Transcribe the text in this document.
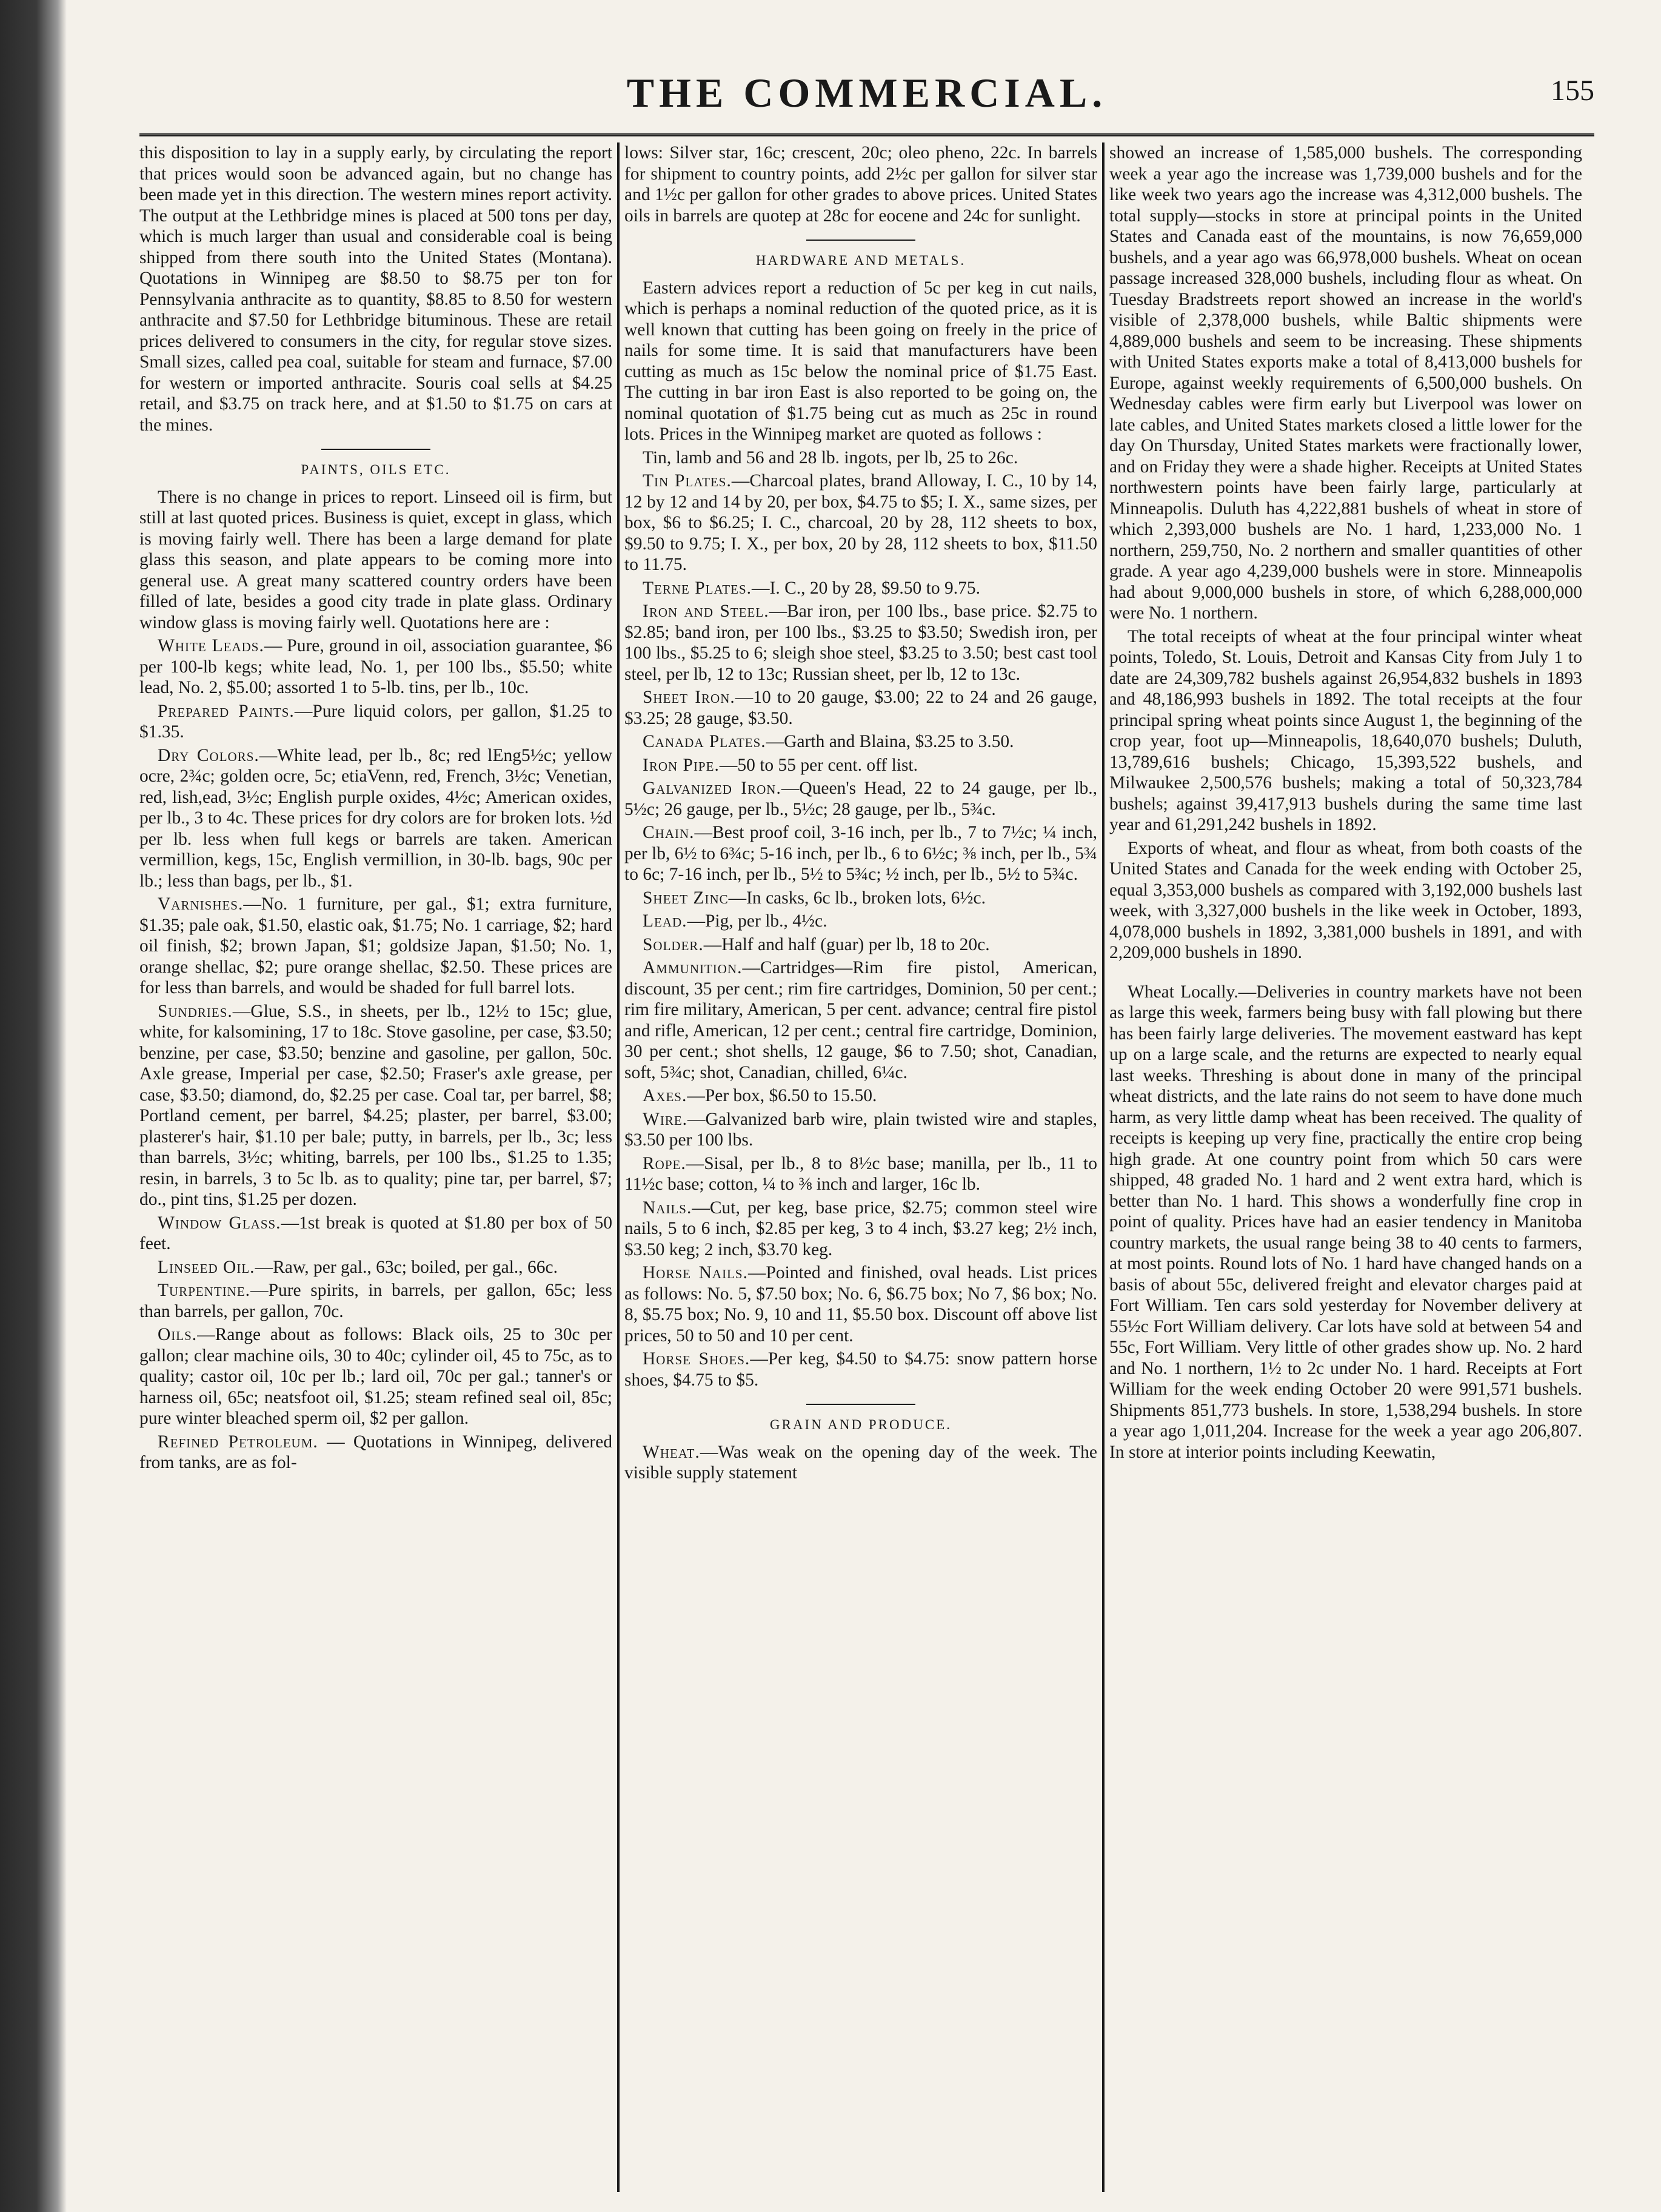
THE COMMERCIAL.	155

this disposition to lay in a supply early, by circulating the report that prices would soon be advanced again, but no change has been made yet in this direction. The western mines report activity. The output at the Lethbridge mines is placed at 500 tons per day, which is much larger than usual and considerable coal is being shipped from there south into the United States (Montana). Quotations in Winnipeg are $8.50 to $8.75 per ton for Pennsylvania anthracite as to quantity, $8.85 to 8.50 for western anthracite and $7.50 for Lethbridge bituminous. These are retail prices delivered to consumers in the city, for regular stove sizes. Small sizes, called pea coal, suitable for steam and furnace, $7.00 for western or imported anthracite. Souris coal sells at $4.25 retail, and $3.75 on track here, and at $1.50 to $1.75 on cars at the mines.

PAINTS, OILS ETC.

There is no change in prices to report. Linseed oil is firm, but still at last quoted prices. Business is quiet, except in glass, which is moving fairly well. There has been a large demand for plate glass this season, and plate appears to be coming more into general use. A great many scattered country orders have been filled of late, besides a good city trade in plate glass. Ordinary window glass is moving fairly well. Quotations here are :

White Leads.— Pure, ground in oil, association guarantee, $6 per 100-lb kegs; white lead, No. 1, per 100 lbs., $5.50; white lead, No. 2, $5.00; assorted 1 to 5-lb. tins, per lb., 10c.

Prepared Paints.—Pure liquid colors, per gallon, $1.25 to $1.35.

Dry Colors.—White lead, per lb., 8c; red lEng5½c; yellow ocre, 2¾c; golden ocre, 5c; etiaVenn, red, French, 3½c; Venetian, red, lish,ead, 3½c; English purple oxides, 4½c; American oxides, per lb., 3 to 4c. These prices for dry colors are for broken lots. ½d per lb. less when full kegs or barrels are taken. American vermillion, kegs, 15c, English vermillion, in 30-lb. bags, 90c per lb.; less than bags, per lb., $1.

Varnishes.—No. 1 furniture, per gal., $1; extra furniture, $1.35; pale oak, $1.50, elastic oak, $1.75; No. 1 carriage, $2; hard oil finish, $2; brown Japan, $1; goldsize Japan, $1.50; No. 1, orange shellac, $2; pure orange shellac, $2.50. These prices are for less than barrels, and would be shaded for full barrel lots.

Sundries.—Glue, S.S., in sheets, per lb., 12½ to 15c; glue, white, for kalsomining, 17 to 18c. Stove gasoline, per case, $3.50; benzine, per case, $3.50; benzine and gasoline, per gallon, 50c. Axle grease, Imperial per case, $2.50; Fraser's axle grease, per case, $3.50; diamond, do, $2.25 per case. Coal tar, per barrel, $8; Portland cement, per barrel, $4.25; plaster, per barrel, $3.00; plasterer's hair, $1.10 per bale; putty, in barrels, per lb., 3c; less than barrels, 3½c; whiting, barrels, per 100 lbs., $1.25 to 1.35; resin, in barrels, 3 to 5c lb. as to quality; pine tar, per barrel, $7; do., pint tins, $1.25 per dozen.

Window Glass.—1st break is quoted at $1.80 per box of 50 feet.

Linseed Oil.—Raw, per gal., 63c; boiled, per gal., 66c.

Turpentine.—Pure spirits, in barrels, per gallon, 65c; less than barrels, per gallon, 70c.

Oils.—Range about as follows: Black oils, 25 to 30c per gallon; clear machine oils, 30 to 40c; cylinder oil, 45 to 75c, as to quality; castor oil, 10c per lb.; lard oil, 70c per gal.; tanner's or harness oil, 65c; neatsfoot oil, $1.25; steam refined seal oil, 85c; pure winter bleached sperm oil, $2 per gallon.

Refined Petroleum. — Quotations in Winnipeg, delivered from tanks, are as fol-

lows: Silver star, 16c; crescent, 20c; oleo pheno, 22c. In barrels for shipment to country points, add 2½c per gallon for silver star and 1½c per gallon for other grades to above prices. United States oils in barrels are quotep at 28c for eocene and 24c for sunlight.

HARDWARE AND METALS.

Eastern advices report a reduction of 5c per keg in cut nails, which is perhaps a nominal reduction of the quoted price, as it is well known that cutting has been going on freely in the price of nails for some time. It is said that manufacturers have been cutting as much as 15c below the nominal price of $1.75 East. The cutting in bar iron East is also reported to be going on, the nominal quotation of $1.75 being cut as much as 25c in round lots. Prices in the Winnipeg market are quoted as follows :

Tin, lamb and 56 and 28 lb. ingots, per lb, 25 to 26c.

Tin Plates.—Charcoal plates, brand Alloway, I. C., 10 by 14, 12 by 12 and 14 by 20, per box, $4.75 to $5; I. X., same sizes, per box, $6 to $6.25; I. C., charcoal, 20 by 28, 112 sheets to box, $9.50 to 9.75; I. X., per box, 20 by 28, 112 sheets to box, $11.50 to 11.75.

Terne Plates.—I. C., 20 by 28, $9.50 to 9.75.

Iron and Steel.—Bar iron, per 100 lbs., base price. $2.75 to $2.85; band iron, per 100 lbs., $3.25 to $3.50; Swedish iron, per 100 lbs., $5.25 to 6; sleigh shoe steel, $3.25 to 3.50; best cast tool steel, per lb, 12 to 13c; Russian sheet, per lb, 12 to 13c.

Sheet Iron.—10 to 20 gauge, $3.00; 22 to 24 and 26 gauge, $3.25; 28 gauge, $3.50.

Canada Plates.—Garth and Blaina, $3.25 to 3.50.

Iron Pipe.—50 to 55 per cent. off list.

Galvanized Iron.—Queen's Head, 22 to 24 gauge, per lb., 5½c; 26 gauge, per lb., 5½c; 28 gauge, per lb., 5¾c.

Chain.—Best proof coil, 3-16 inch, per lb., 7 to 7½c; ¼ inch, per lb, 6½ to 6¾c; 5-16 inch, per lb., 6 to 6½c; ⅜ inch, per lb., 5¾ to 6c; 7-16 inch, per lb., 5½ to 5¾c; ½ inch, per lb., 5½ to 5¾c.

Sheet Zinc—In casks, 6c lb., broken lots, 6½c.

Lead.—Pig, per lb., 4½c.

Solder.—Half and half (guar) per lb, 18 to 20c.

Ammunition.—Cartridges—Rim fire pistol, American, discount, 35 per cent.; rim fire cartridges, Dominion, 50 per cent.; rim fire military, American, 5 per cent. advance; central fire pistol and rifle, American, 12 per cent.; central fire cartridge, Dominion, 30 per cent.; shot shells, 12 gauge, $6 to 7.50; shot, Canadian, soft, 5¾c; shot, Canadian, chilled, 6¼c.

Axes.—Per box, $6.50 to 15.50.

Wire.—Galvanized barb wire, plain twisted wire and staples, $3.50 per 100 lbs.

Rope.—Sisal, per lb., 8 to 8½c base; manilla, per lb., 11 to 11½c base; cotton, ¼ to ⅜ inch and larger, 16c lb.

Nails.—Cut, per keg, base price, $2.75; common steel wire nails, 5 to 6 inch, $2.85 per keg, 3 to 4 inch, $3.27 keg; 2½ inch, $3.50 keg; 2 inch, $3.70 keg.

Horse Nails.—Pointed and finished, oval heads. List prices as follows: No. 5, $7.50 box; No. 6, $6.75 box; No 7, $6 box; No. 8, $5.75 box; No. 9, 10 and 11, $5.50 box. Discount off above list prices, 50 to 50 and 10 per cent.

Horse Shoes.—Per keg, $4.50 to $4.75: snow pattern horse shoes, $4.75 to $5.

GRAIN AND PRODUCE.

Wheat.—Was weak on the opening day of the week. The visible supply statement

showed an increase of 1,585,000 bushels. The corresponding week a year ago the increase was 1,739,000 bushels and for the like week two years ago the increase was 4,312,000 bushels. The total supply—stocks in store at principal points in the United States and Canada east of the mountains, is now 76,659,000 bushels, and a year ago was 66,978,000 bushels. Wheat on ocean passage increased 328,000 bushels, including flour as wheat. On Tuesday Bradstreets report showed an increase in the world's visible of 2,378,000 bushels, while Baltic shipments were 4,889,000 bushels and seem to be increasing. These shipments with United States exports make a total of 8,413,000 bushels for Europe, against weekly requirements of 6,500,000 bushels. On Wednesday cables were firm early but Liverpool was lower on late cables, and United States markets closed a little lower for the day On Thursday, United States markets were fractionally lower, and on Friday they were a shade higher. Receipts at United States northwestern points have been fairly large, particularly at Minneapolis. Duluth has 4,222,881 bushels of wheat in store of which 2,393,000 bushels are No. 1 hard, 1,233,000 No. 1 northern, 259,750, No. 2 northern and smaller quantities of other grade. A year ago 4,239,000 bushels were in store. Minneapolis had about 9,000,000 bushels in store, of which 6,288,000,000 were No. 1 northern.

The total receipts of wheat at the four principal winter wheat points, Toledo, St. Louis, Detroit and Kansas City from July 1 to date are 24,309,782 bushels against 26,954,832 bushels in 1893 and 48,186,993 bushels in 1892. The total receipts at the four principal spring wheat points since August 1, the beginning of the crop year, foot up—Minneapolis, 18,640,070 bushels; Duluth, 13,789,616 bushels; Chicago, 15,393,522 bushels, and Milwaukee 2,500,576 bushels; making a total of 50,323,784 bushels; against 39,417,913 bushels during the same time last year and 61,291,242 bushels in 1892.

Exports of wheat, and flour as wheat, from both coasts of the United States and Canada for the week ending with October 25, equal 3,353,000 bushels as compared with 3,192,000 bushels last week, with 3,327,000 bushels in the like week in October, 1893, 4,078,000 bushels in 1892, 3,381,000 bushels in 1891, and with 2,209,000 bushels in 1890.

Wheat Locally.—Deliveries in country markets have not been as large this week, farmers being busy with fall plowing but there has been fairly large deliveries. The movement eastward has kept up on a large scale, and the returns are expected to nearly equal last weeks. Threshing is about done in many of the principal wheat districts, and the late rains do not seem to have done much harm, as very little damp wheat has been received. The quality of receipts is keeping up very fine, practically the entire crop being high grade. At one country point from which 50 cars were shipped, 48 graded No. 1 hard and 2 went extra hard, which is better than No. 1 hard. This shows a wonderfully fine crop in point of quality. Prices have had an easier tendency in Manitoba country markets, the usual range being 38 to 40 cents to farmers, at most points. Round lots of No. 1 hard have changed hands on a basis of about 55c, delivered freight and elevator charges paid at Fort William. Ten cars sold yesterday for November delivery at 55½c Fort William delivery. Car lots have sold at between 54 and 55c, Fort William. Very little of other grades show up. No. 2 hard and No. 1 northern, 1½ to 2c under No. 1 hard. Receipts at Fort William for the week ending October 20 were 991,571 bushels. Shipments 851,773 bushels. In store, 1,538,294 bushels. In store a year ago 1,011,204. Increase for the week a year ago 206,807. In store at interior points including Keewatin,
